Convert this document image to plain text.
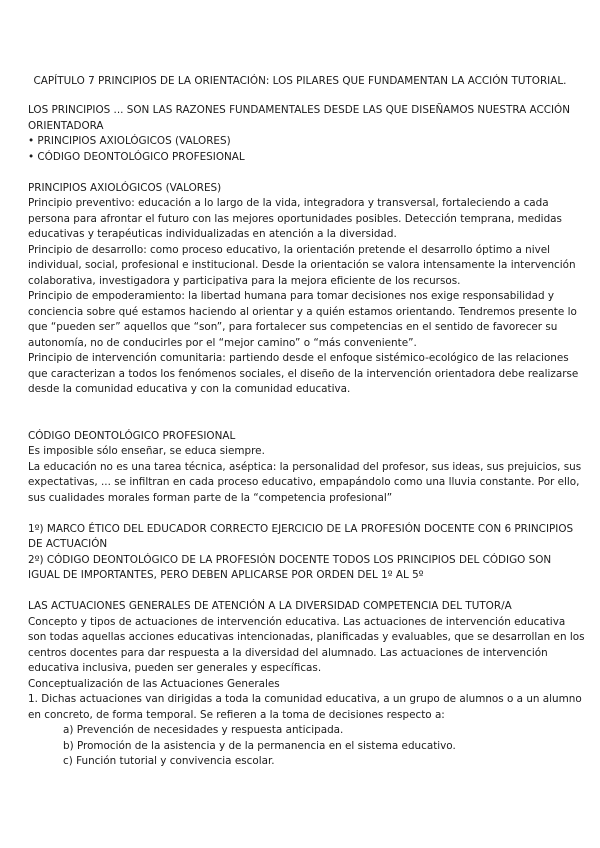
CAPÍTULO 7 PRINCIPIOS DE LA ORIENTACIÓN: LOS PILARES QUE FUNDAMENTAN LA ACCIÓN TUTORIAL.

LOS PRINCIPIOS ... SON LAS RAZONES FUNDAMENTALES DESDE LAS QUE DISEÑAMOS NUESTRA ACCIÓN ORIENTADORA

• PRINCIPIOS AXIOLÓGICOS (VALORES)

• CÓDIGO DEONTOLÓGICO PROFESIONAL

PRINCIPIOS AXIOLÓGICOS (VALORES)

Principio preventivo: educación a lo largo de la vida, integradora y transversal, fortaleciendo a cada persona para afrontar el futuro con las mejores oportunidades posibles. Detección temprana, medidas educativas y terapéuticas individualizadas en atención a la diversidad.

Principio de desarrollo: como proceso educativo, la orientación pretende el desarrollo óptimo a nivel individual, social, profesional e institucional. Desde la orientación se valora intensamente la intervención colaborativa, investigadora y participativa para la mejora eficiente de los recursos.

Principio de empoderamiento: la libertad humana para tomar decisiones nos exige responsabilidad y conciencia sobre qué estamos haciendo al orientar y a quién estamos orientando. Tendremos presente lo que “pueden ser” aquellos que “son”, para fortalecer sus competencias en el sentido de favorecer su autonomía, no de conducirles por el “mejor camino” o “más conveniente”.

Principio de intervención comunitaria: partiendo desde el enfoque sistémico-ecológico de las relaciones que caracterizan a todos los fenómenos sociales, el diseño de la intervención orientadora debe realizarse desde la comunidad educativa y con la comunidad educativa.

CÓDIGO DEONTOLÓGICO PROFESIONAL

Es imposible sólo enseñar, se educa siempre.

La educación no es una tarea técnica, aséptica: la personalidad del profesor, sus ideas, sus prejuicios, sus expectativas, ... se infiltran en cada proceso educativo, empapándolo como una lluvia constante. Por ello, sus cualidades morales forman parte de la “competencia profesional”

1º) MARCO ÉTICO DEL EDUCADOR CORRECTO EJERCICIO DE LA PROFESIÓN DOCENTE CON 6 PRINCIPIOS DE ACTUACIÓN

2º) CÓDIGO DEONTOLÓGICO DE LA PROFESIÓN DOCENTE TODOS LOS PRINCIPIOS DEL CÓDIGO SON IGUAL DE IMPORTANTES, PERO DEBEN APLICARSE POR ORDEN DEL 1º AL 5º

LAS ACTUACIONES GENERALES DE ATENCIÓN A LA DIVERSIDAD COMPETENCIA DEL TUTOR/A

Concepto y tipos de actuaciones de intervención educativa. Las actuaciones de intervención educativa son todas aquellas acciones educativas intencionadas, planificadas y evaluables, que se desarrollan en los centros docentes para dar respuesta a la diversidad del alumnado. Las actuaciones de intervención educativa inclusiva, pueden ser generales y específicas.

Conceptualización de las Actuaciones Generales

1. Dichas actuaciones van dirigidas a toda la comunidad educativa, a un grupo de alumnos o a un alumno en concreto, de forma temporal. Se refieren a la toma de decisiones respecto a:

a) Prevención de necesidades y respuesta anticipada.

b) Promoción de la asistencia y de la permanencia en el sistema educativo.

c) Función tutorial y convivencia escolar.
